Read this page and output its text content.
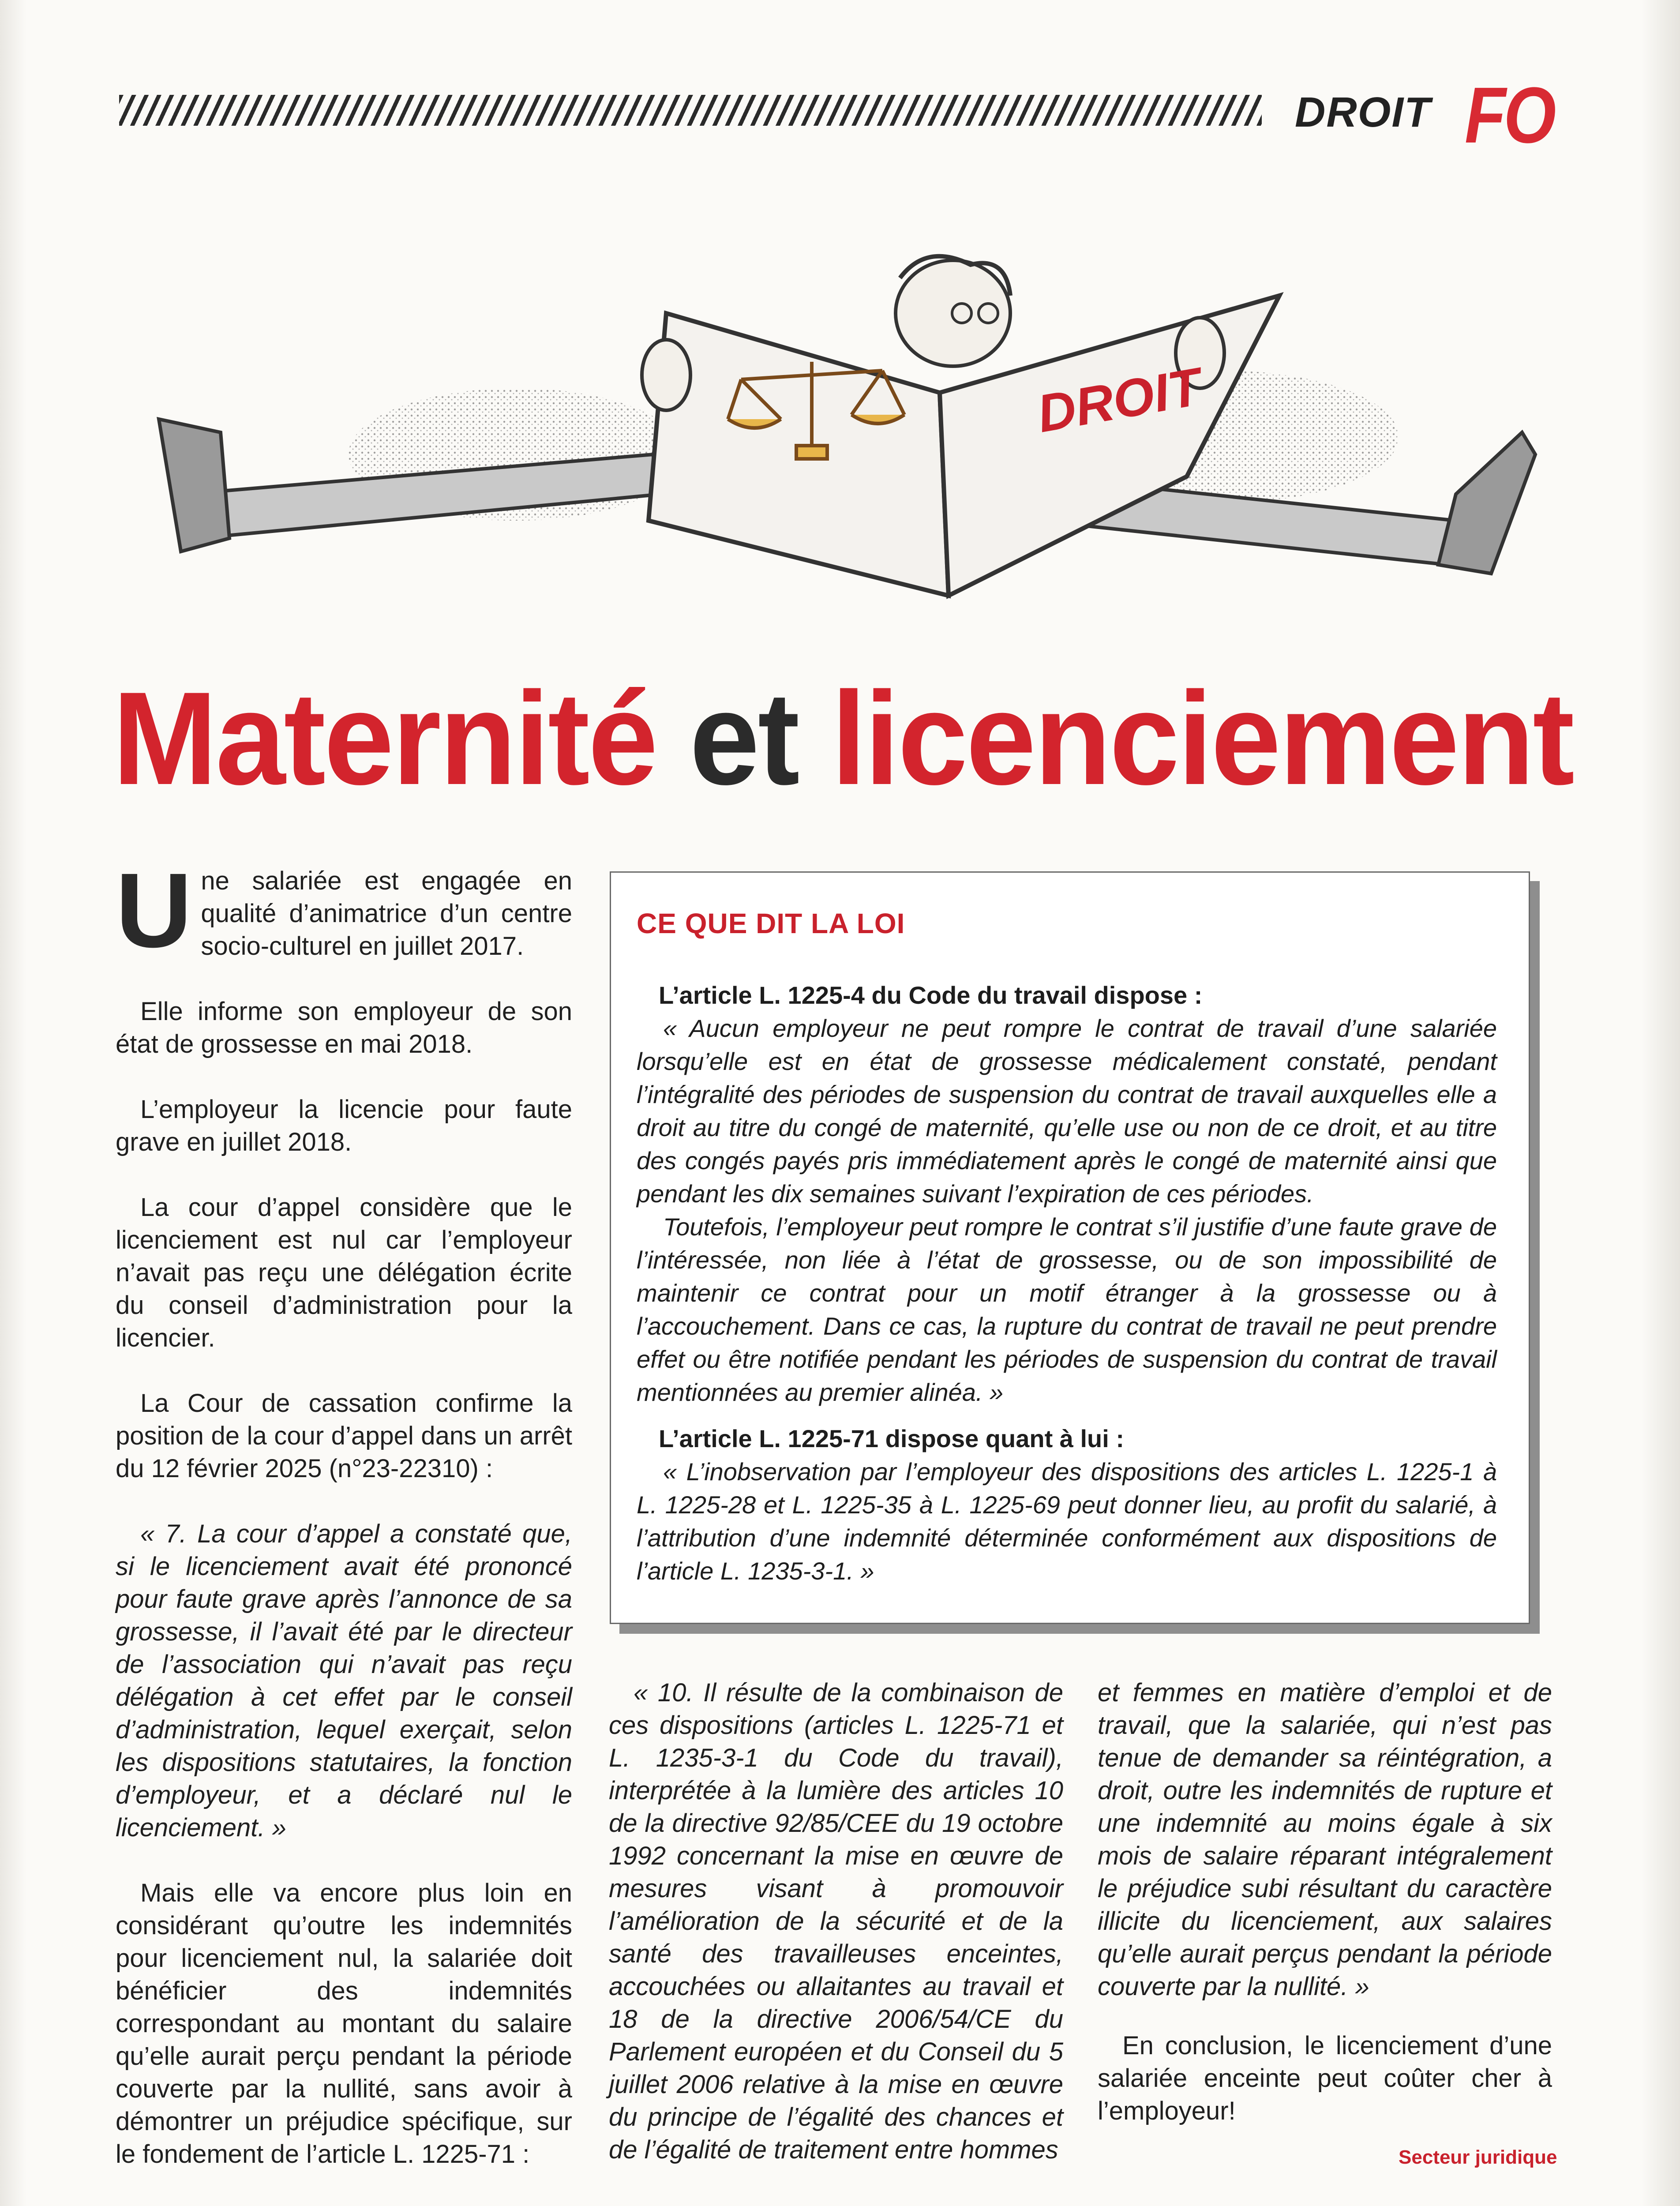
DROIT FO
DROIT
Maternité et licenciement

Une salariée est engagée en qualité d’animatrice d’un centre socio-culturel en juillet 2017.

Elle informe son employeur de son état de grossesse en mai 2018.

L’employeur la licencie pour faute grave en juillet 2018.

La cour d’appel considère que le licenciement est nul car l’employeur n’avait pas reçu une délégation écrite du conseil d’administration pour la licencier.

La Cour de cassation confirme la position de la cour d’appel dans un arrêt du 12 février 2025 (n°23-22310) :

« 7. La cour d’appel a constaté que, si le licenciement avait été prononcé pour faute grave après l’annonce de sa grossesse, il l’avait été par le directeur de l’association qui n’avait pas reçu délégation à cet effet par le conseil d’administration, lequel exerçait, selon les dispositions statutaires, la fonction d’employeur, et a déclaré nul le licenciement. »

Mais elle va encore plus loin en considérant qu’outre les indemnités pour licenciement nul, la salariée doit bénéficier des indemnités correspondant au montant du salaire qu’elle aurait perçu pendant la période couverte par la nullité, sans avoir à démontrer un préjudice spécifique, sur le fondement de l’article L. 1225-71 :

CE QUE DIT LA LOI

L’article L. 1225-4 du Code du travail dispose :

« Aucun employeur ne peut rompre le contrat de travail d’une salariée lorsqu’elle est en état de grossesse médicalement constaté, pendant l’intégralité des périodes de suspension du contrat de travail auxquelles elle a droit au titre du congé de maternité, qu’elle use ou non de ce droit, et au titre des congés payés pris immédiatement après le congé de maternité ainsi que pendant les dix semaines suivant l’expiration de ces périodes.

Toutefois, l’employeur peut rompre le contrat s’il justifie d’une faute grave de l’intéressée, non liée à l’état de grossesse, ou de son impossibilité de maintenir ce contrat pour un motif étranger à la grossesse ou à l’accouchement. Dans ce cas, la rupture du contrat de travail ne peut prendre effet ou être notifiée pendant les périodes de suspension du contrat de travail mentionnées au premier alinéa. »

L’article L. 1225-71 dispose quant à lui :

« L’inobservation par l’employeur des dispositions des articles L. 1225-1 à L. 1225-28 et L. 1225-35 à L. 1225-69 peut donner lieu, au profit du salarié, à l’attribution d’une indemnité déterminée conformément aux dispositions de l’article L. 1235-3-1. »

« 10. Il résulte de la combinaison de ces dispositions (articles L. 1225-71 et L. 1235-3-1 du Code du travail), interprétée à la lumière des articles 10 de la directive 92/85/CEE du 19 octobre 1992 concernant la mise en œuvre de mesures visant à promouvoir l’amélioration de la sécurité et de la santé des travailleuses enceintes, accouchées ou allaitantes au travail et 18 de la directive 2006/54/CE du Parlement européen et du Conseil du 5 juillet 2006 relative à la mise en œuvre du principe de l’égalité des chances et de l’égalité de traitement entre hommes

et femmes en matière d’emploi et de travail, que la salariée, qui n’est pas tenue de demander sa réintégration, a droit, outre les indemnités de rupture et une indemnité au moins égale à six mois de salaire réparant intégralement le préjudice subi résultant du caractère illicite du licenciement, aux salaires qu’elle aurait perçus pendant la période couverte par la nullité. »

En conclusion, le licenciement d’une salariée enceinte peut coûter cher à l’employeur!

Secteur juridique
